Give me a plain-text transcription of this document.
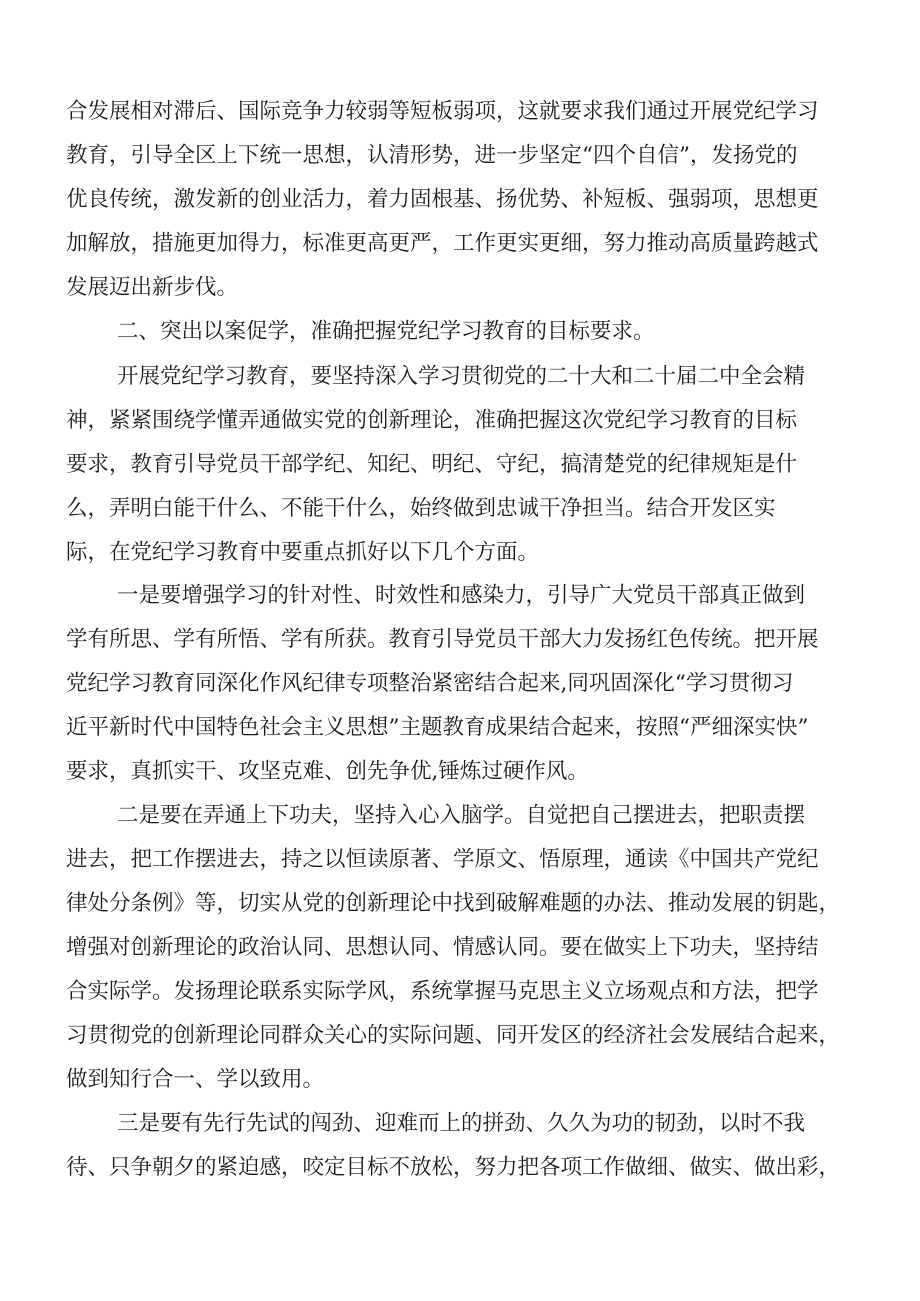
合发展相对滞后、国际竞争力较弱等短板弱项，这就要求我们通过开展党纪学习

教育，引导全区上下统一思想，认清形势，进一步坚定“四个自信”，发扬党的

优良传统，激发新的创业活力，着力固根基、扬优势、补短板、强弱项，思想更

加解放，措施更加得力，标准更高更严，工作更实更细，努力推动高质量跨越式

发展迈出新步伐。

二、突出以案促学，准确把握党纪学习教育的目标要求。

开展党纪学习教育，要坚持深入学习贯彻党的二十大和二十届二中全会精

神，紧紧围绕学懂弄通做实党的创新理论，准确把握这次党纪学习教育的目标

要求，教育引导党员干部学纪、知纪、明纪、守纪，搞清楚党的纪律规矩是什

么，弄明白能干什么、不能干什么，始终做到忠诚干净担当。结合开发区实

际，在党纪学习教育中要重点抓好以下几个方面。

一是要增强学习的针对性、时效性和感染力，引导广大党员干部真正做到

学有所思、学有所悟、学有所获。教育引导党员干部大力发扬红色传统。把开展

党纪学习教育同深化作风纪律专项整治紧密结合起来,同巩固深化“学习贯彻习

近平新时代中国特色社会主义思想”主题教育成果结合起来，按照“严细深实快”

要求，真抓实干、攻坚克难、创先争优,锤炼过硬作风。

二是要在弄通上下功夫，坚持入心入脑学。自觉把自己摆进去，把职责摆

进去，把工作摆进去，持之以恒读原著、学原文、悟原理，通读《中国共产党纪

律处分条例》等，切实从党的创新理论中找到破解难题的办法、推动发展的钥匙，

增强对创新理论的政治认同、思想认同、情感认同。要在做实上下功夫，坚持结

合实际学。发扬理论联系实际学风，系统掌握马克思主义立场观点和方法，把学

习贯彻党的创新理论同群众关心的实际问题、同开发区的经济社会发展结合起来，

做到知行合一、学以致用。

三是要有先行先试的闯劲、迎难而上的拼劲、久久为功的韧劲，以时不我

待、只争朝夕的紧迫感，咬定目标不放松，努力把各项工作做细、做实、做出彩，
